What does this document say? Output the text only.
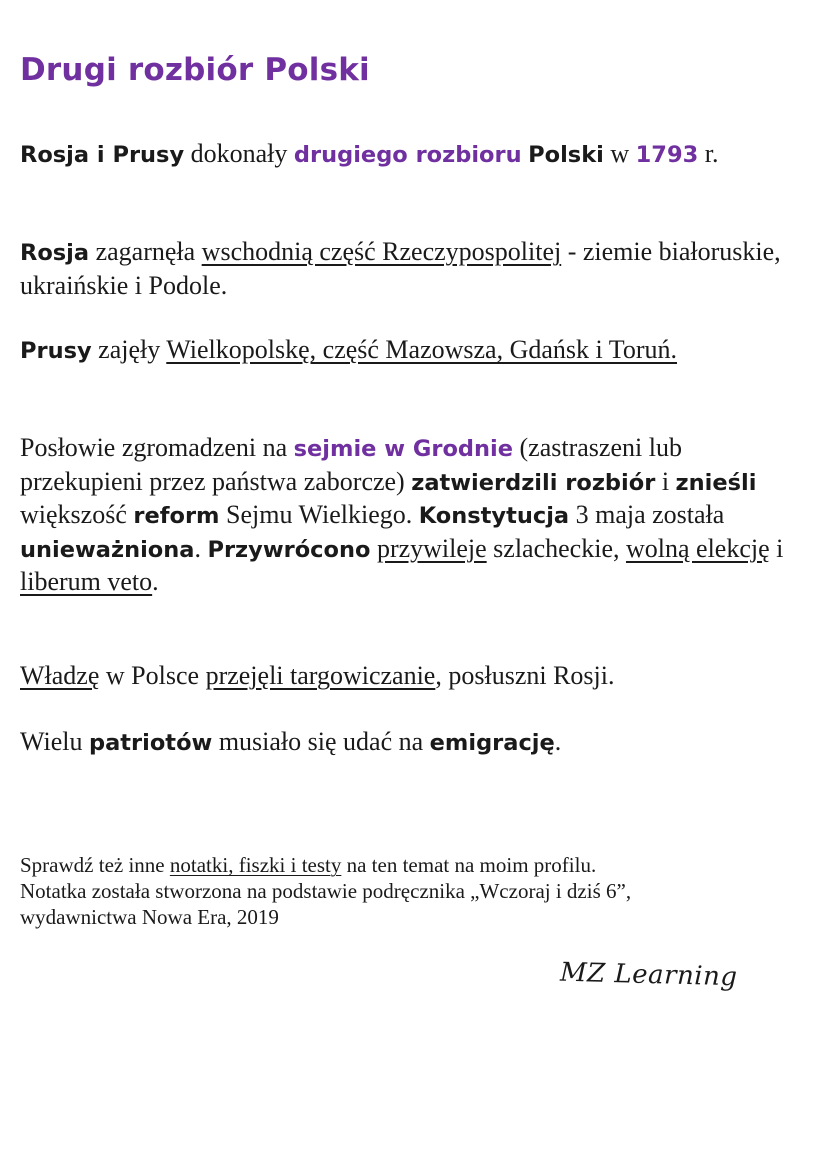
Drugi rozbiór Polski

Rosja i Prusy dokonały drugiego rozbioru Polski w 1793 r.

Rosja zagarnęła wschodnią część Rzeczypospolitej - ziemie białoruskie, ukraińskie i Podole.

Prusy zajęły Wielkopolskę, część Mazowsza, Gdańsk i Toruń.

Posłowie zgromadzeni na sejmie w Grodnie (zastraszeni lub przekupieni przez państwa zaborcze) zatwierdzili rozbiór i znieśli większość reform Sejmu Wielkiego. Konstytucja 3 maja została unieważniona. Przywrócono przywileje szlacheckie, wolną elekcję i liberum veto.

Władzę w Polsce przejęli targowiczanie, posłuszni Rosji.

Wielu patriotów musiało się udać na emigrację.

Sprawdź też inne notatki, fiszki i testy na ten temat na moim profilu.
Notatka została stworzona na podstawie podręcznika „Wczoraj i dziś 6”,
wydawnictwa Nowa Era, 2019
MZ Learning
